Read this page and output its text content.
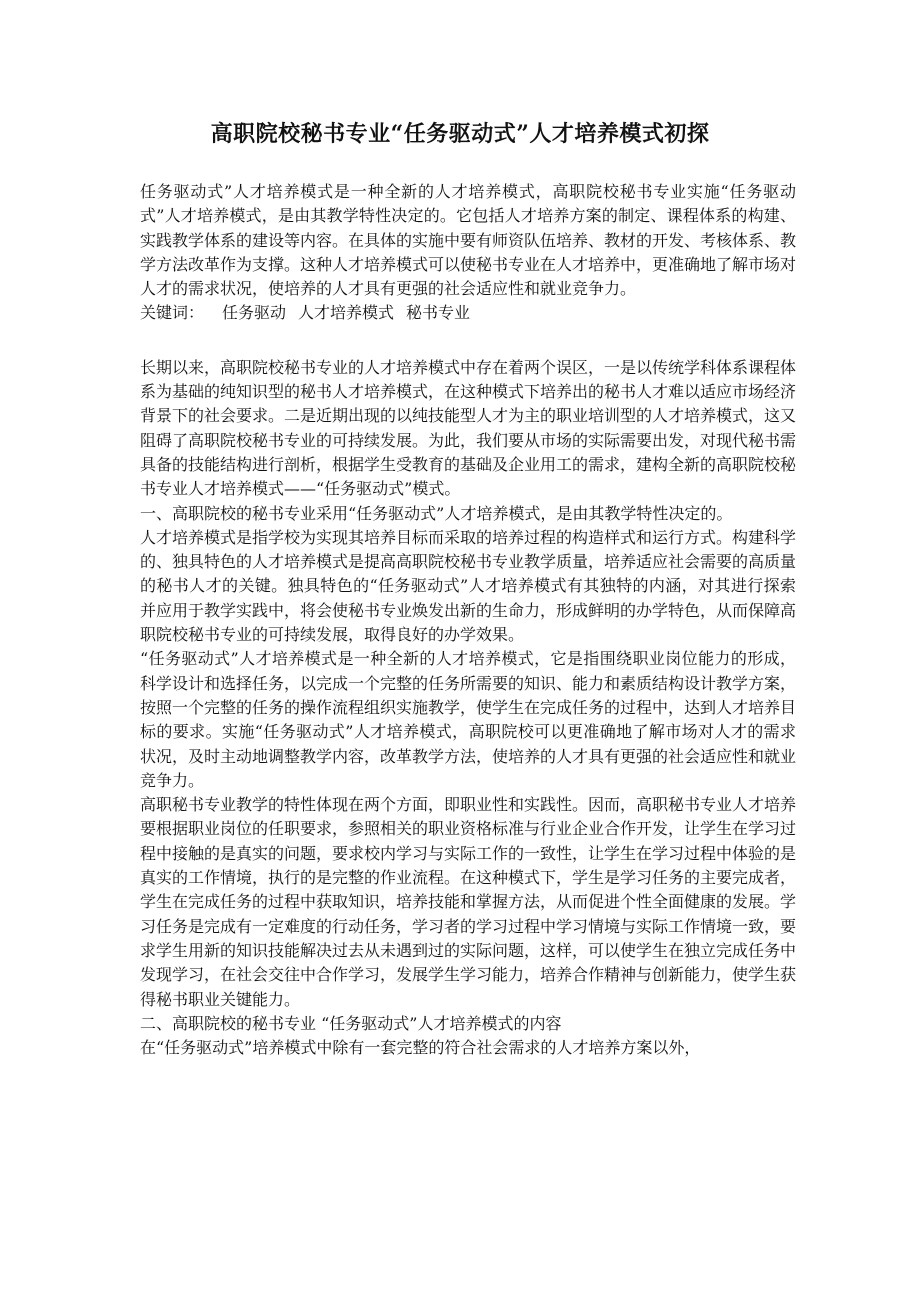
高职院校秘书专业“任务驱动式”人才培养模式初探

任务驱动式”人才培养模式是一种全新的人才培养模式，高职院校秘书专业实施“任务驱动式”人才培养模式，是由其教学特性决定的。它包括人才培养方案的制定、课程体系的构建、实践教学体系的建设等内容。在具体的实施中要有师资队伍培养、教材的开发、考核体系、教学方法改革作为支撑。这种人才培养模式可以使秘书专业在人才培养中，更准确地了解市场对人才的需求状况，使培养的人才具有更强的社会适应性和就业竞争力。

关键词： 任务驱动 人才培养模式 秘书专业

长期以来，高职院校秘书专业的人才培养模式中存在着两个误区，一是以传统学科体系课程体系为基础的纯知识型的秘书人才培养模式，在这种模式下培养出的秘书人才难以适应市场经济背景下的社会要求。二是近期出现的以纯技能型人才为主的职业培训型的人才培养模式，这又阻碍了高职院校秘书专业的可持续发展。为此，我们要从市场的实际需要出发，对现代秘书需具备的技能结构进行剖析，根据学生受教育的基础及企业用工的需求，建构全新的高职院校秘书专业人才培养模式——“任务驱动式”模式。

一、高职院校的秘书专业采用“任务驱动式”人才培养模式，是由其教学特性决定的。

人才培养模式是指学校为实现其培养目标而采取的培养过程的构造样式和运行方式。构建科学的、独具特色的人才培养模式是提高高职院校秘书专业教学质量，培养适应社会需要的高质量的秘书人才的关键。独具特色的“任务驱动式”人才培养模式有其独特的内涵，对其进行探索并应用于教学实践中，将会使秘书专业焕发出新的生命力，形成鲜明的办学特色，从而保障高职院校秘书专业的可持续发展，取得良好的办学效果。

“任务驱动式”人才培养模式是一种全新的人才培养模式，它是指围绕职业岗位能力的形成，科学设计和选择任务，以完成一个完整的任务所需要的知识、能力和素质结构设计教学方案，按照一个完整的任务的操作流程组织实施教学，使学生在完成任务的过程中，达到人才培养目标的要求。实施“任务驱动式”人才培养模式，高职院校可以更准确地了解市场对人才的需求状况，及时主动地调整教学内容，改革教学方法，使培养的人才具有更强的社会适应性和就业竞争力。

高职秘书专业教学的特性体现在两个方面，即职业性和实践性。因而，高职秘书专业人才培养要根据职业岗位的任职要求，参照相关的职业资格标准与行业企业合作开发，让学生在学习过程中接触的是真实的问题，要求校内学习与实际工作的一致性，让学生在学习过程中体验的是真实的工作情境，执行的是完整的作业流程。在这种模式下，学生是学习任务的主要完成者，学生在完成任务的过程中获取知识，培养技能和掌握方法，从而促进个性全面健康的发展。学习任务是完成有一定难度的行动任务，学习者的学习过程中学习情境与实际工作情境一致，要求学生用新的知识技能解决过去从未遇到过的实际问题，这样，可以使学生在独立完成任务中发现学习，在社会交往中合作学习，发展学生学习能力，培养合作精神与创新能力，使学生获得秘书职业关键能力。

二、高职院校的秘书专业 “任务驱动式”人才培养模式的内容

在“任务驱动式”培养模式中除有一套完整的符合社会需求的人才培养方案以外，
